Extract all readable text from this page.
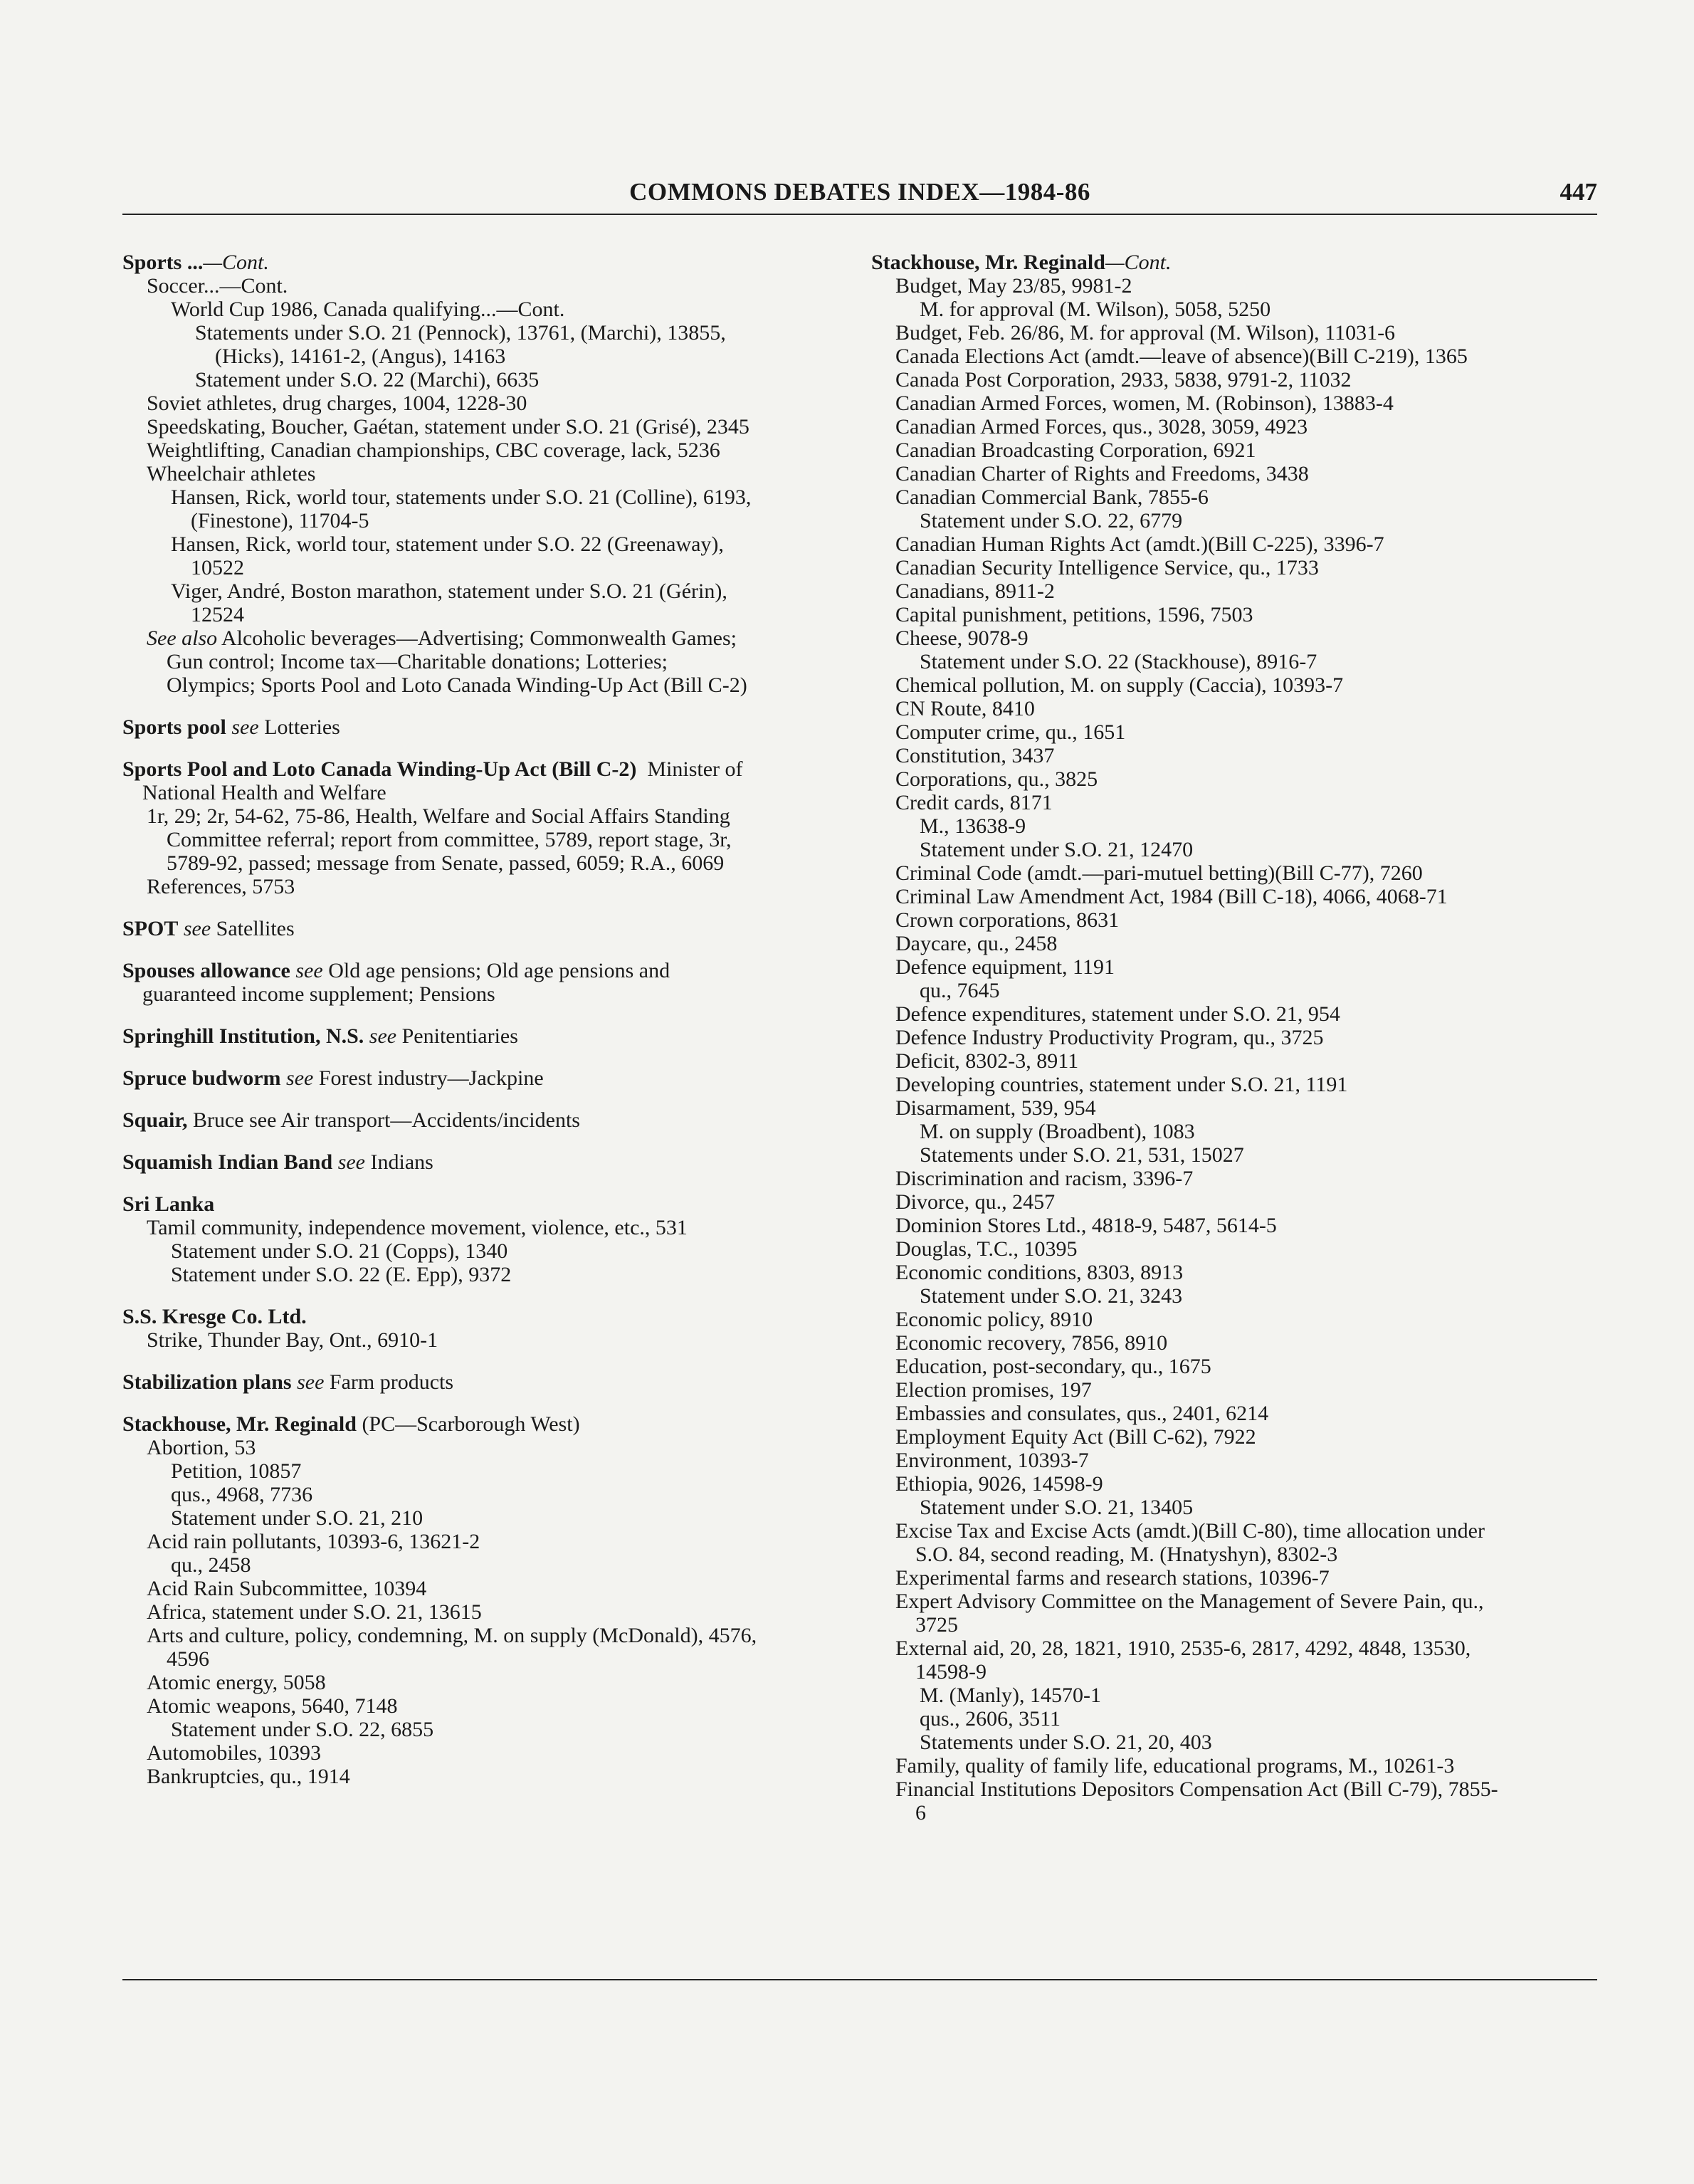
COMMONS DEBATES INDEX—1984-86	447

Sports ...—Cont.

Soccer...—Cont.

World Cup 1986, Canada qualifying...—Cont.

Statements under S.O. 21 (Pennock), 13761, (Marchi), 13855, (Hicks), 14161-2, (Angus), 14163

Statement under S.O. 22 (Marchi), 6635

Soviet athletes, drug charges, 1004, 1228-30

Speedskating, Boucher, Gaétan, statement under S.O. 21 (Grisé), 2345

Weightlifting, Canadian championships, CBC coverage, lack, 5236

Wheelchair athletes

Hansen, Rick, world tour, statements under S.O. 21 (Colline), 6193, (Finestone), 11704-5

Hansen, Rick, world tour, statement under S.O. 22 (Greenaway), 10522

Viger, André, Boston marathon, statement under S.O. 21 (Gérin), 12524

See also Alcoholic beverages—Advertising; Commonwealth Games; Gun control; Income tax—Charitable donations; Lotteries; Olympics; Sports Pool and Loto Canada Winding-Up Act (Bill C-2)

Sports pool see Lotteries

Sports Pool and Loto Canada Winding-Up Act (Bill C-2)  Minister of National Health and Welfare

1r, 29; 2r, 54-62, 75-86, Health, Welfare and Social Affairs Standing Committee referral; report from committee, 5789, report stage, 3r, 5789-92, passed; message from Senate, passed, 6059; R.A., 6069

References, 5753

SPOT see Satellites

Spouses allowance see Old age pensions; Old age pensions and guaranteed income supplement; Pensions

Springhill Institution, N.S. see Penitentiaries

Spruce budworm see Forest industry—Jackpine

Squair, Bruce see Air transport—Accidents/incidents

Squamish Indian Band see Indians

Sri Lanka

Tamil community, independence movement, violence, etc., 531

Statement under S.O. 21 (Copps), 1340

Statement under S.O. 22 (E. Epp), 9372

S.S. Kresge Co. Ltd.

Strike, Thunder Bay, Ont., 6910-1

Stabilization plans see Farm products

Stackhouse, Mr. Reginald (PC—Scarborough West)

Abortion, 53

Petition, 10857

qus., 4968, 7736

Statement under S.O. 21, 210

Acid rain pollutants, 10393-6, 13621-2

qu., 2458

Acid Rain Subcommittee, 10394

Africa, statement under S.O. 21, 13615

Arts and culture, policy, condemning, M. on supply (McDonald), 4576, 4596

Atomic energy, 5058

Atomic weapons, 5640, 7148

Statement under S.O. 22, 6855

Automobiles, 10393

Bankruptcies, qu., 1914

Stackhouse, Mr. Reginald—Cont.

Budget, May 23/85, 9981-2

M. for approval (M. Wilson), 5058, 5250

Budget, Feb. 26/86, M. for approval (M. Wilson), 11031-6

Canada Elections Act (amdt.—leave of absence)(Bill C-219), 1365

Canada Post Corporation, 2933, 5838, 9791-2, 11032

Canadian Armed Forces, women, M. (Robinson), 13883-4

Canadian Armed Forces, qus., 3028, 3059, 4923

Canadian Broadcasting Corporation, 6921

Canadian Charter of Rights and Freedoms, 3438

Canadian Commercial Bank, 7855-6

Statement under S.O. 22, 6779

Canadian Human Rights Act (amdt.)(Bill C-225), 3396-7

Canadian Security Intelligence Service, qu., 1733

Canadians, 8911-2

Capital punishment, petitions, 1596, 7503

Cheese, 9078-9

Statement under S.O. 22 (Stackhouse), 8916-7

Chemical pollution, M. on supply (Caccia), 10393-7

CN Route, 8410

Computer crime, qu., 1651

Constitution, 3437

Corporations, qu., 3825

Credit cards, 8171

M., 13638-9

Statement under S.O. 21, 12470

Criminal Code (amdt.—pari-mutuel betting)(Bill C-77), 7260

Criminal Law Amendment Act, 1984 (Bill C-18), 4066, 4068-71

Crown corporations, 8631

Daycare, qu., 2458

Defence equipment, 1191

qu., 7645

Defence expenditures, statement under S.O. 21, 954

Defence Industry Productivity Program, qu., 3725

Deficit, 8302-3, 8911

Developing countries, statement under S.O. 21, 1191

Disarmament, 539, 954

M. on supply (Broadbent), 1083

Statements under S.O. 21, 531, 15027

Discrimination and racism, 3396-7

Divorce, qu., 2457

Dominion Stores Ltd., 4818-9, 5487, 5614-5

Douglas, T.C., 10395

Economic conditions, 8303, 8913

Statement under S.O. 21, 3243

Economic policy, 8910

Economic recovery, 7856, 8910

Education, post-secondary, qu., 1675

Election promises, 197

Embassies and consulates, qus., 2401, 6214

Employment Equity Act (Bill C-62), 7922

Environment, 10393-7

Ethiopia, 9026, 14598-9

Statement under S.O. 21, 13405

Excise Tax and Excise Acts (amdt.)(Bill C-80), time allocation under S.O. 84, second reading, M. (Hnatyshyn), 8302-3

Experimental farms and research stations, 10396-7

Expert Advisory Committee on the Management of Severe Pain, qu., 3725

External aid, 20, 28, 1821, 1910, 2535-6, 2817, 4292, 4848, 13530, 14598-9

M. (Manly), 14570-1

qus., 2606, 3511

Statements under S.O. 21, 20, 403

Family, quality of family life, educational programs, M., 10261-3

Financial Institutions Depositors Compensation Act (Bill C-79), 7855-6
